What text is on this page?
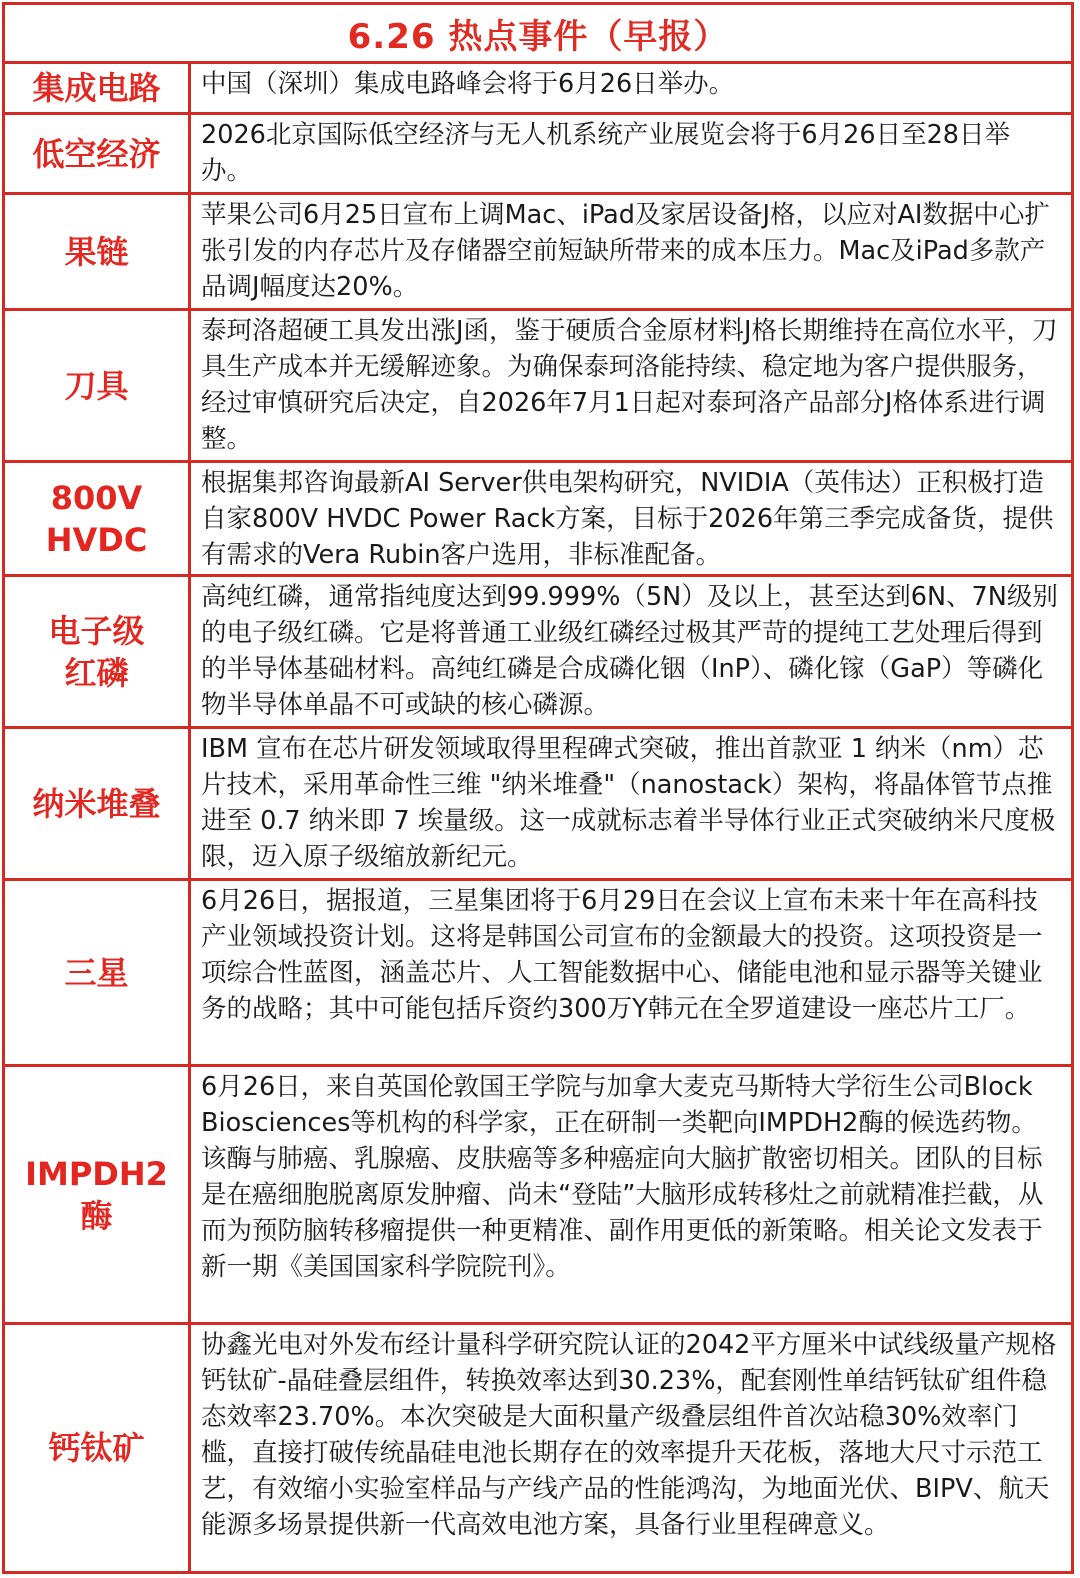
6.26 热点事件（早报）
集成电路	中国（深圳）集成电路峰会将于6月26日举办。
低空经济	2026北京国际低空经济与无人机系统产业展览会将于6月26日至28日举办。
果链
苹果公司6月25日宣布上调Mac、iPad及家居设备J格，以应对AI数据中心扩张引发的内存芯片及存储器空前短缺所带来的成本压力。Mac及iPad多款产品调J幅度达20%。
刀具
泰珂洛超硬工具发出涨J函，鉴于硬质合金原材料J格长期维持在高位水平，刀具生产成本并无缓解迹象。为确保泰珂洛能持续、稳定地为客户提供服务，经过审慎研究后决定，自2026年7月1日起对泰珂洛产品部分J格体系进行调整。
800V
HVDC
根据集邦咨询最新AI Server供电架构研究，NVIDIA（英伟达）正积极打造自家800V HVDC Power Rack方案，目标于2026年第三季完成备货，提供有需求的Vera Rubin客户选用，非标准配备。
电子级
红磷
高纯红磷，通常指纯度达到99.999%（5N）及以上，甚至达到6N、7N级别的电子级红磷。它是将普通工业级红磷经过极其严苛的提纯工艺处理后得到的半导体基础材料。高纯红磷是合成磷化铟（InP）、磷化镓（GaP）等磷化物半导体单晶不可或缺的核心磷源。
纳米堆叠
IBM 宣布在芯片研发领域取得里程碑式突破，推出首款亚 1 纳米（nm）芯片技术，采用革命性三维 "纳米堆叠"（nanostack）架构，将晶体管节点推进至 0.7 纳米即 7 埃量级。这一成就标志着半导体行业正式突破纳米尺度极限，迈入原子级缩放新纪元。
三星
6月26日，据报道，三星集团将于6月29日在会议上宣布未来十年在高科技产业领域投资计划。这将是韩国公司宣布的金额最大的投资。这项投资是一项综合性蓝图，涵盖芯片、人工智能数据中心、储能电池和显示器等关键业务的战略；其中可能包括斥资约300万Y韩元在全罗道建设一座芯片工厂。
IMPDH2
酶
6月26日，来自英国伦敦国王学院与加拿大麦克马斯特大学衍生公司Block Biosciences等机构的科学家，正在研制一类靶向IMPDH2酶的候选药物。该酶与肺癌、乳腺癌、皮肤癌等多种癌症向大脑扩散密切相关。团队的目标是在癌细胞脱离原发肿瘤、尚未“登陆”大脑形成转移灶之前就精准拦截，从而为预防脑转移瘤提供一种更精准、副作用更低的新策略。相关论文发表于新一期《美国国家科学院院刊》。
钙钛矿
协鑫光电对外发布经计量科学研究院认证的2042平方厘米中试线级量产规格钙钛矿-晶硅叠层组件，转换效率达到30.23%，配套刚性单结钙钛矿组件稳态效率23.70%。本次突破是大面积量产级叠层组件首次站稳30%效率门槛，直接打破传统晶硅电池长期存在的效率提升天花板，落地大尺寸示范工艺，有效缩小实验室样品与产线产品的性能鸿沟，为地面光伏、BIPV、航天能源多场景提供新一代高效电池方案，具备行业里程碑意义。
